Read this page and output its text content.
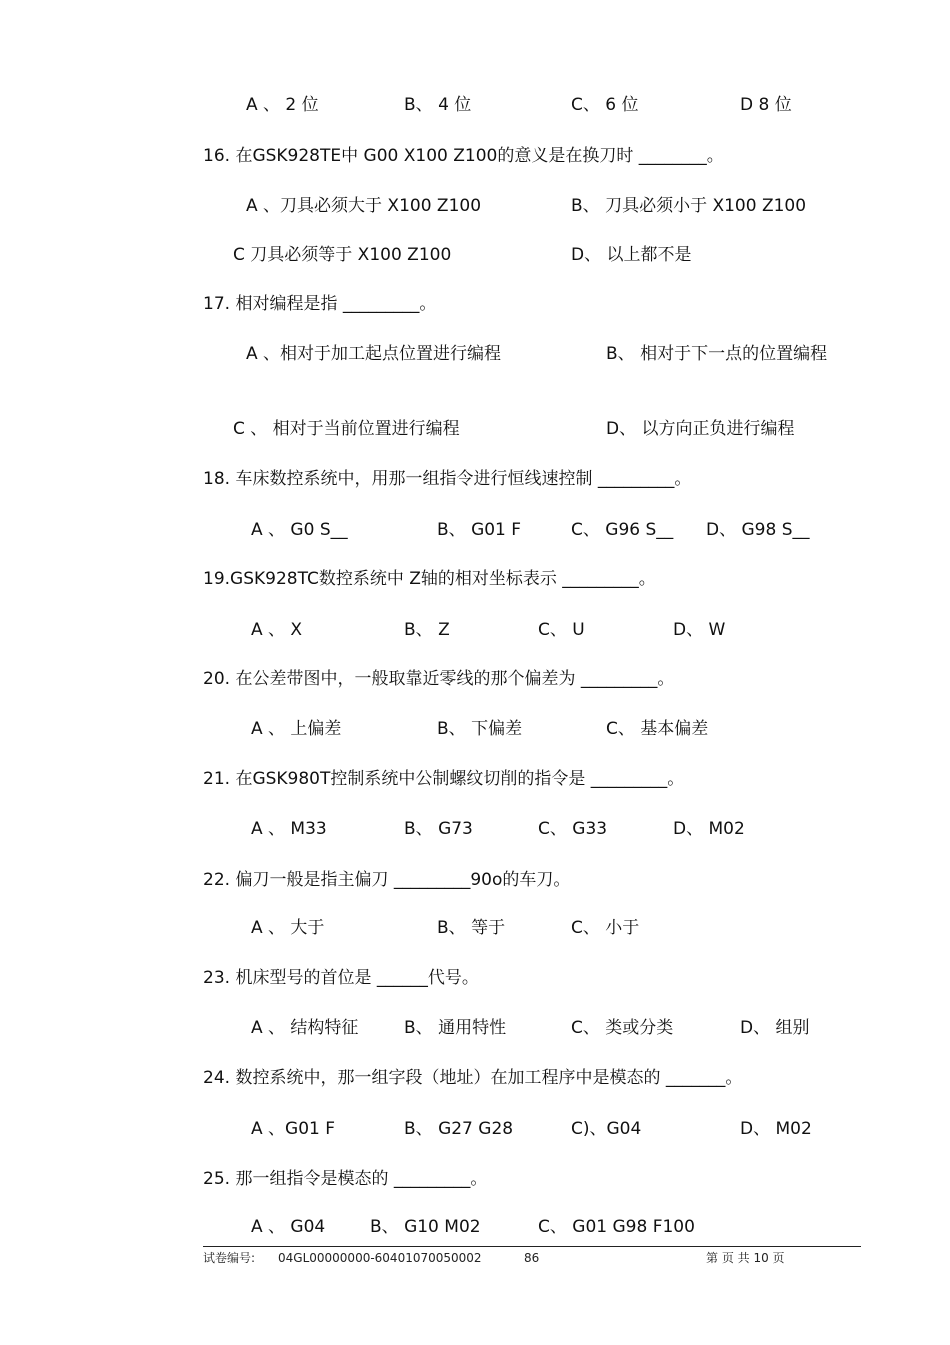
A 、 2 位	B、 4 位	C、 6 位	D 8 位
16. 在GSK928TE中 G00 X100 Z100的意义是在换刀时 ________。
A 、刀具必须大于 X100 Z100	B、 刀具必须小于 X100 Z100
C 刀具必须等于 X100 Z100	D、 以上都不是
17. 相对编程是指 _________。
A 、相对于加工起点位置进行编程	B、 相对于下一点的位置编程
C 、 相对于当前位置进行编程	D、 以方向正负进行编程
18. 车床数控系统中，用那一组指令进行恒线速控制 _________。
A 、 G0 S__	B、 G01 F	C、 G96 S__ D、 G98 S__
19.GSK928TC数控系统中 Z轴的相对坐标表示 _________。
A 、 X	B、 Z	C、 U	D、 W
20. 在公差带图中，一般取靠近零线的那个偏差为 _________。
A 、 上偏差	B、 下偏差	C、 基本偏差
21. 在GSK980T控制系统中公制螺纹切削的指令是 _________。
A 、 M33	B、 G73	C、 G33	D、 M02
22. 偏刀一般是指主偏刀 _________90o的车刀。
A 、 大于	B、 等于	C、 小于
23. 机床型号的首位是 ______代号。
A 、 结构特征	B、 通用特性	C、 类或分类	D、 组别
24. 数控系统中，那一组字段（地址）在加工程序中是模态的 _______。
A 、G01 F	B、 G27 G28	C)、G04	D、 M02
25. 那一组指令是模态的 _________。
A 、 G04	B、 G10 M02	C、 G01 G98 F100
试卷编号: 04GL00000000-60401070050002	86	第 页 共 10 页
